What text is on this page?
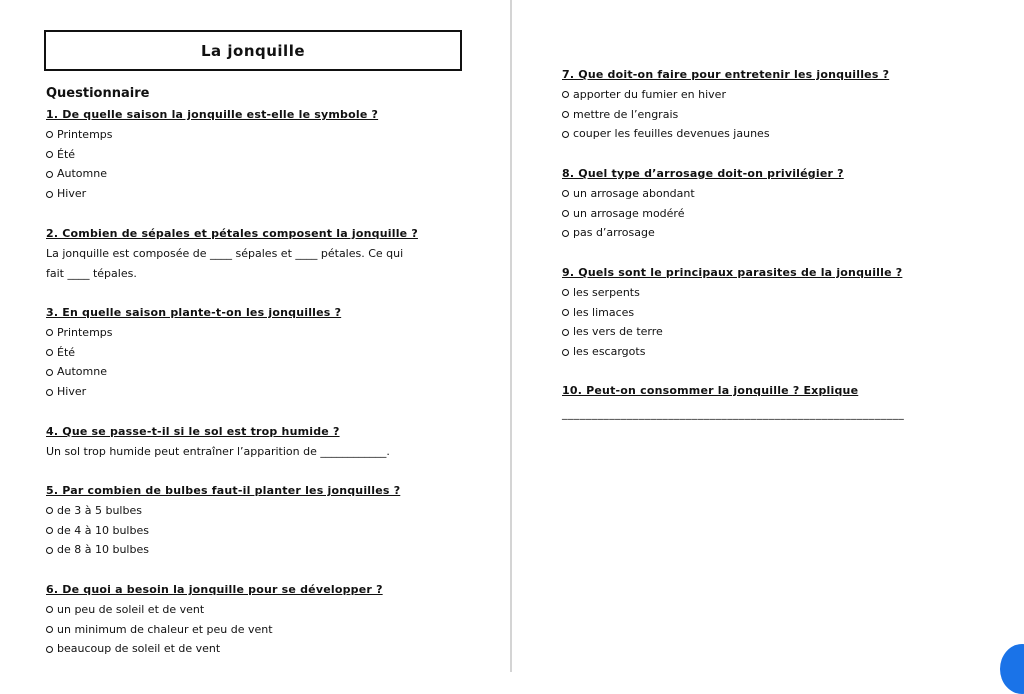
La jonquille
Questionnaire
1. De quelle saison la jonquille est-elle le symbole ?
Printemps
Été
Automne
Hiver
2. Combien de sépales et pétales composent la jonquille ?
La jonquille est composée de ____ sépales et ____ pétales. Ce qui
fait ____ tépales.
3. En quelle saison plante-t-on les jonquilles ?
Printemps
Été
Automne
Hiver
4. Que se passe-t-il si le sol est trop humide ?
Un sol trop humide peut entraîner l’apparition de ____________.
5. Par combien de bulbes faut-il planter les jonquilles ?
de 3 à 5 bulbes
de 4 à 10 bulbes
de 8 à 10 bulbes
6. De quoi a besoin la jonquille pour se développer ?
un peu de soleil et de vent
un minimum de chaleur et peu de vent
beaucoup de soleil et de vent
7. Que doit-on faire pour entretenir les jonquilles ?
apporter du fumier en hiver
mettre de l’engrais
couper les feuilles devenues jaunes
8. Quel type d’arrosage doit-on privilégier ?
un arrosage abondant
un arrosage modéré
pas d’arrosage
9. Quels sont le principaux parasites de la jonquille ?
les serpents
les limaces
les vers de terre
les escargots
10. Peut-on consommer la jonquille ? Explique
__________________________________________________________
